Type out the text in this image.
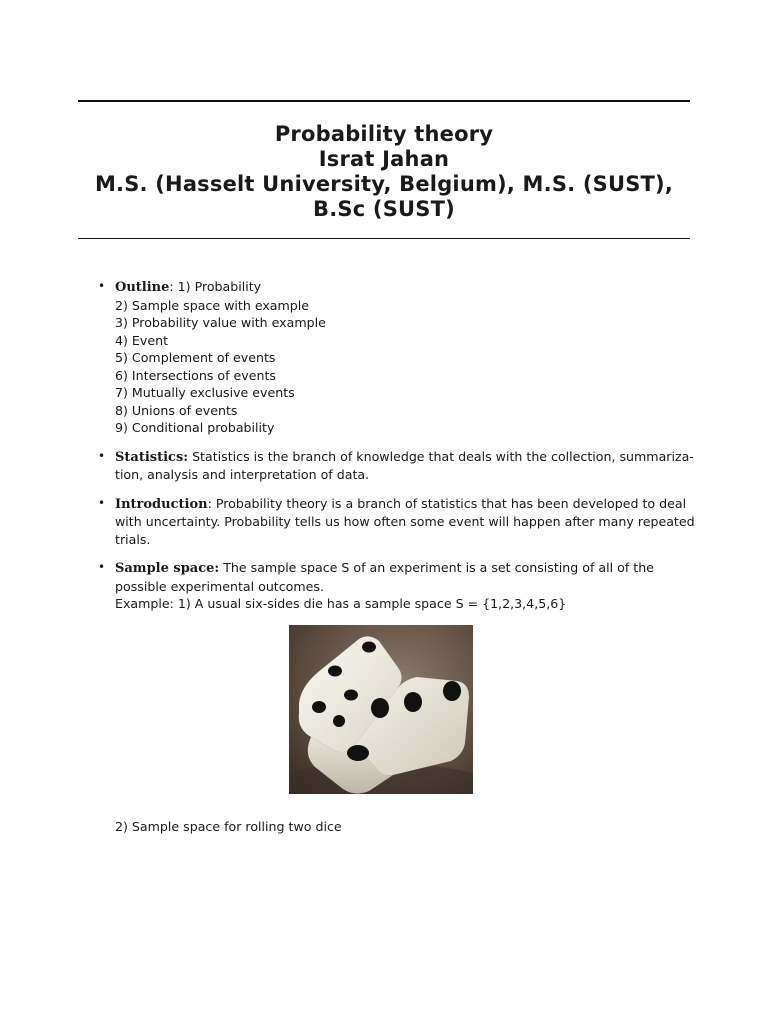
Probability theory
Israt Jahan
M.S. (Hasselt University, Belgium), M.S. (SUST),
B.Sc (SUST)
• Outline: 1) Probability
2) Sample space with example
3) Probability value with example
4) Event
5) Complement of events
6) Intersections of events
7) Mutually exclusive events
8) Unions of events
9) Conditional probability
• Statistics: Statistics is the branch of knowledge that deals with the collection, summariza-
tion, analysis and interpretation of data.
• Introduction: Probability theory is a branch of statistics that has been developed to deal
with uncertainty. Probability tells us how often some event will happen after many repeated
trials.
• Sample space: The sample space S of an experiment is a set consisting of all of the
possible experimental outcomes.
Example: 1) A usual six-sides die has a sample space S = {1,2,3,4,5,6}
2) Sample space for rolling two dice
